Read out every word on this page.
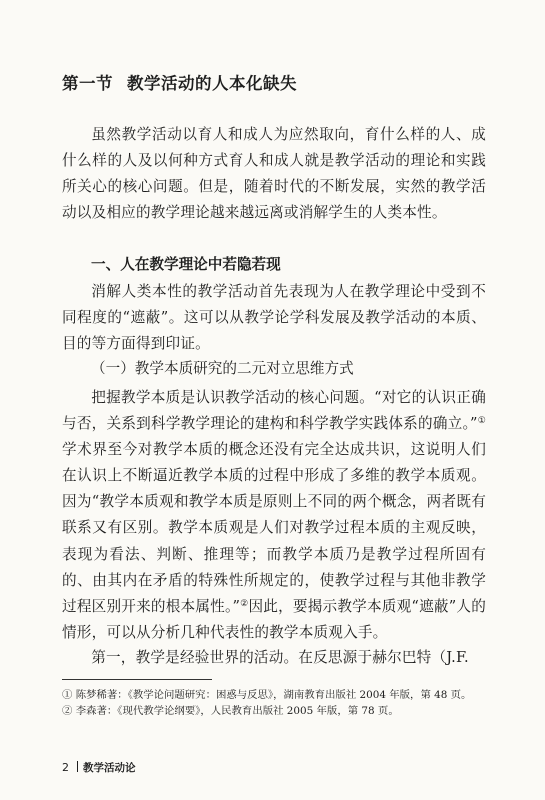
第一节 教学活动的人本化缺失
虽然教学活动以育人和成人为应然取向，育什么样的人、成什么样的人及以何种方式育人和成人就是教学活动的理论和实践所关心的核心问题。但是，随着时代的不断发展，实然的教学活动以及相应的教学理论越来越远离或消解学生的人类本性。
一、人在教学理论中若隐若现
消解人类本性的教学活动首先表现为人在教学理论中受到不同程度的“遮蔽”。这可以从教学论学科发展及教学活动的本质、目的等方面得到印证。
（一）教学本质研究的二元对立思维方式
把握教学本质是认识教学活动的核心问题。“对它的认识正确与否，关系到科学教学理论的建构和科学教学实践体系的确立。”①学术界至今对教学本质的概念还没有完全达成共识，这说明人们在认识上不断逼近教学本质的过程中形成了多维的教学本质观。因为“教学本质观和教学本质是原则上不同的两个概念，两者既有联系又有区别。教学本质观是人们对教学过程本质的主观反映，表现为看法、判断、推理等；而教学本质乃是教学过程所固有的、由其内在矛盾的特殊性所规定的，使教学过程与其他非教学过程区别开来的根本属性。”②因此，要揭示教学本质观“遮蔽”人的情形，可以从分析几种代表性的教学本质观入手。
第一，教学是经验世界的活动。在反思源于赫尔巴特（J.F.
① 陈梦稀著：《教学论问题研究：困惑与反思》，湖南教育出版社 2004 年版，第 48 页。
② 李森著：《现代教学论纲要》，人民教育出版社 2005 年版，第 78 页。
2 教学活动论
